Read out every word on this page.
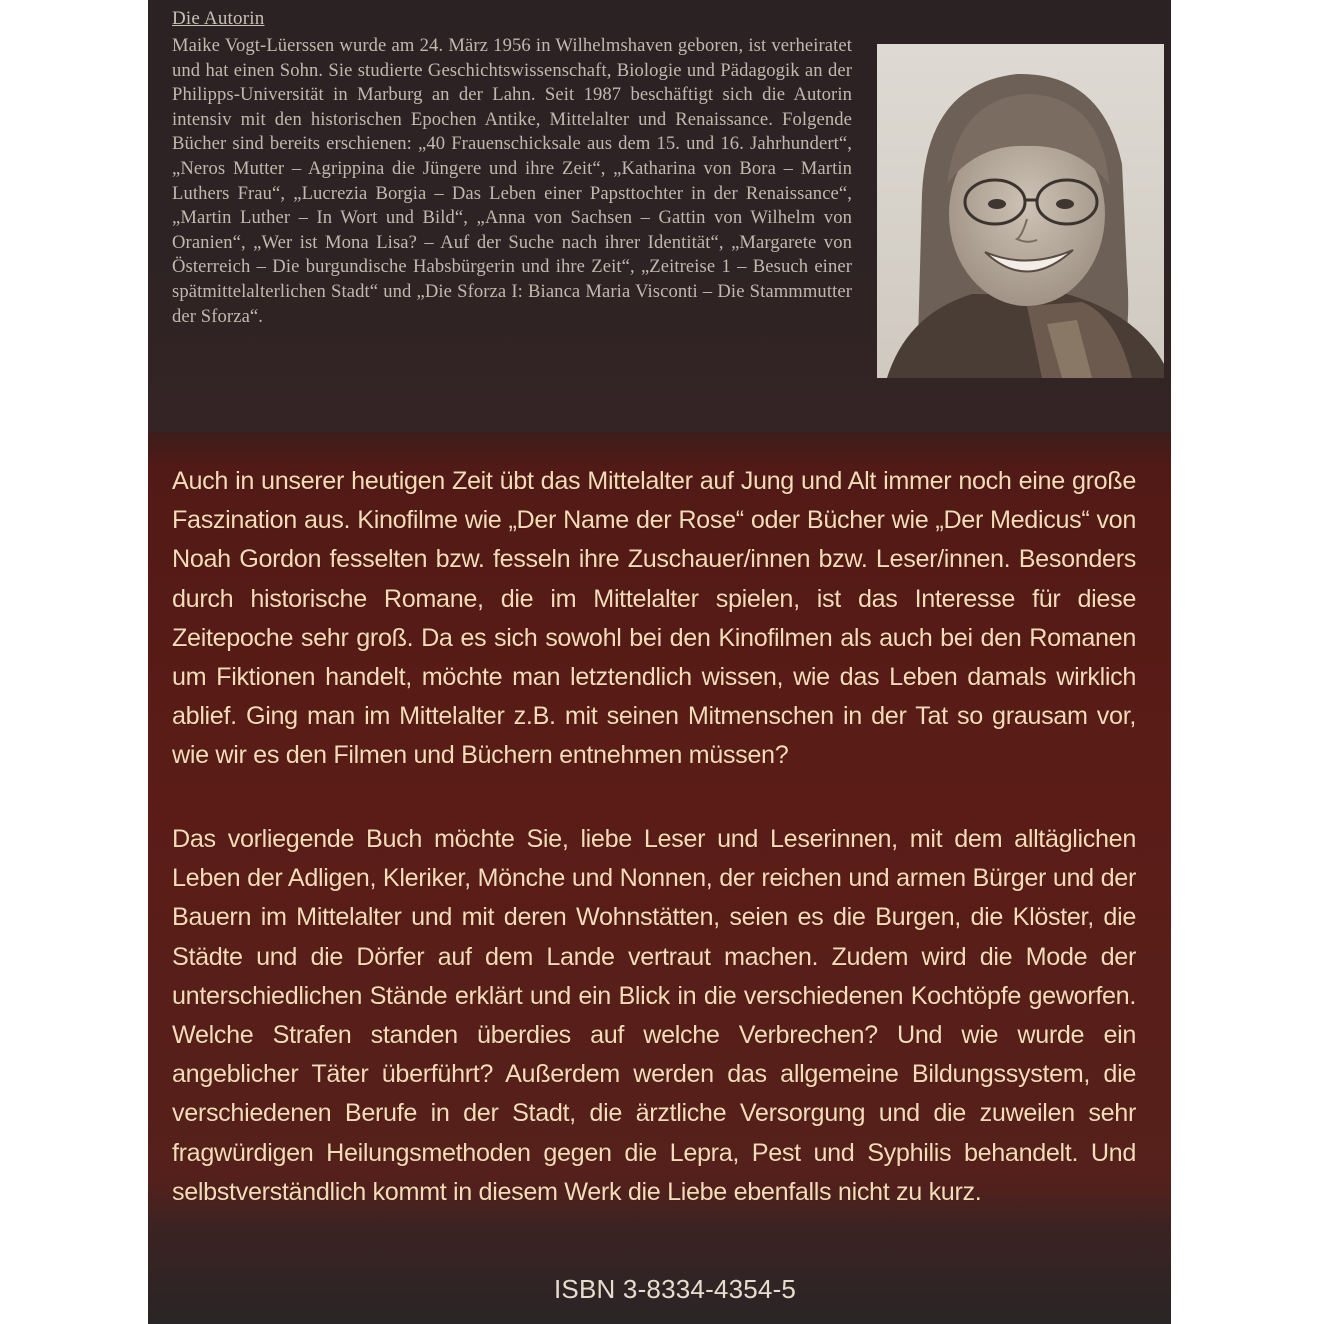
Die Autorin
Maike Vogt-Lüerssen wurde am 24. März 1956 in Wilhelmshaven geboren, ist verheiratet und hat einen Sohn. Sie studierte Geschichtswissenschaft, Biologie und Pädagogik an der Philipps-Universität in Marburg an der Lahn. Seit 1987 beschäftigt sich die Autorin intensiv mit den historischen Epochen Antike, Mittelalter und Renaissance. Folgende Bücher sind bereits erschienen: „40 Frauenschicksale aus dem 15. und 16. Jahrhundert“, „Neros Mutter – Agrippina die Jüngere und ihre Zeit“, „Katharina von Bora – Martin Luthers Frau“, „Lucrezia Borgia – Das Leben einer Papsttochter in der Renaissance“, „Martin Luther – In Wort und Bild“, „Anna von Sachsen – Gattin von Wilhelm von Oranien“, „Wer ist Mona Lisa? – Auf der Suche nach ihrer Identität“, „Margarete von Österreich – Die burgundische Habsbürgerin und ihre Zeit“, „Zeitreise 1 – Besuch einer spätmittelalterlichen Stadt“ und „Die Sforza I: Bianca Maria Visconti – Die Stammmutter der Sforza“.
Auch in unserer heutigen Zeit übt das Mittelalter auf Jung und Alt immer noch eine große Faszination aus. Kinofilme wie „Der Name der Rose“ oder Bücher wie „Der Medicus“ von Noah Gordon fesselten bzw. fesseln ihre Zuschauer/innen bzw. Leser/innen. Besonders durch historische Romane, die im Mittelalter spielen, ist das Interesse für diese Zeitepoche sehr groß. Da es sich sowohl bei den Kinofilmen als auch bei den Romanen um Fiktionen handelt, möchte man letztendlich wissen, wie das Leben damals wirklich ablief. Ging man im Mittelalter z.B. mit seinen Mitmenschen in der Tat so grausam vor, wie wir es den Filmen und Büchern entnehmen müssen?
Das vorliegende Buch möchte Sie, liebe Leser und Leserinnen, mit dem alltäglichen Leben der Adligen, Kleriker, Mönche und Nonnen, der reichen und armen Bürger und der Bauern im Mittelalter und mit deren Wohnstätten, seien es die Burgen, die Klöster, die Städte und die Dörfer auf dem Lande vertraut machen. Zudem wird die Mode der unterschiedlichen Stände erklärt und ein Blick in die verschiedenen Kochtöpfe geworfen. Welche Strafen standen überdies auf welche Verbrechen? Und wie wurde ein angeblicher Täter überführt? Außerdem werden das allgemeine Bildungssystem, die verschiedenen Berufe in der Stadt, die ärztliche Versorgung und die zuweilen sehr fragwürdigen Heilungsmethoden gegen die Lepra, Pest und Syphilis behandelt. Und selbstverständlich kommt in diesem Werk die Liebe ebenfalls nicht zu kurz.
ISBN 3-8334-4354-5
